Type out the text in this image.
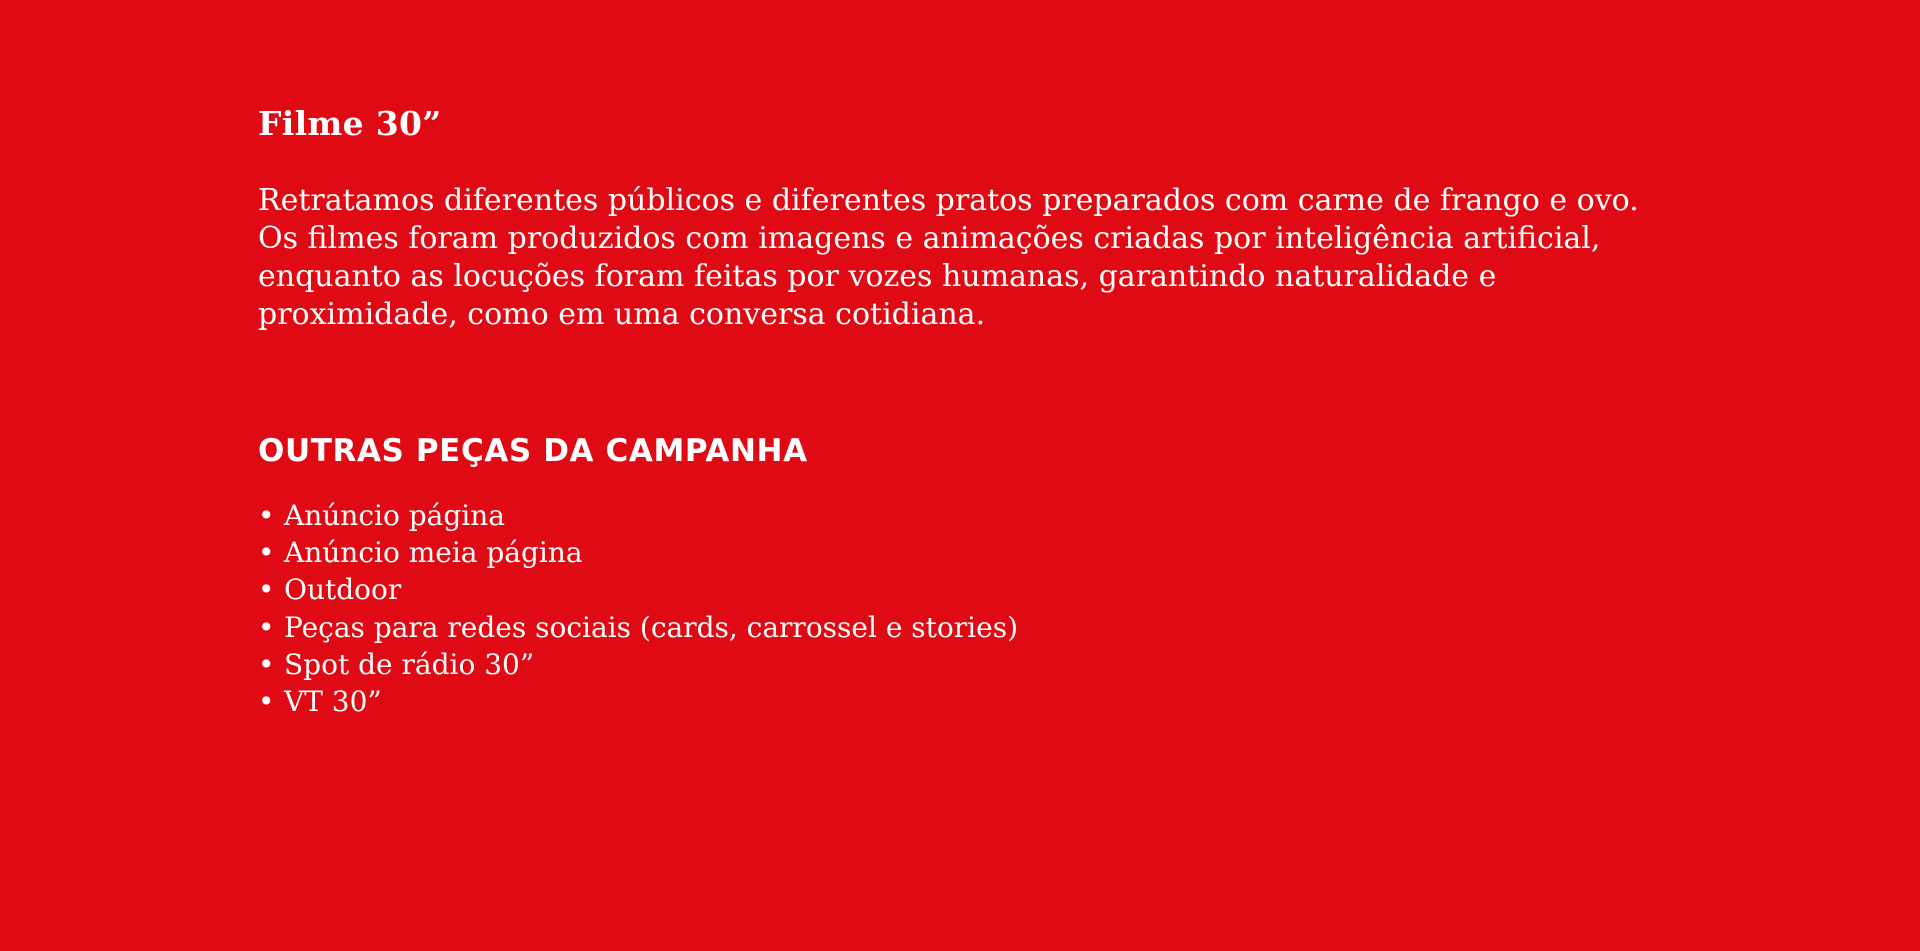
Filme 30”

Retratamos diferentes públicos e diferentes pratos preparados com carne de frango e ovo. Os filmes foram produzidos com imagens e animações criadas por inteligência artificial, enquanto as locuções foram feitas por vozes humanas, garantindo naturalidade e proximidade, como em uma conversa cotidiana.

OUTRAS PEÇAS DA CAMPANHA
• Anúncio página
• Anúncio meia página
• Outdoor
• Peças para redes sociais (cards, carrossel e stories)
• Spot de rádio 30”
• VT 30”
